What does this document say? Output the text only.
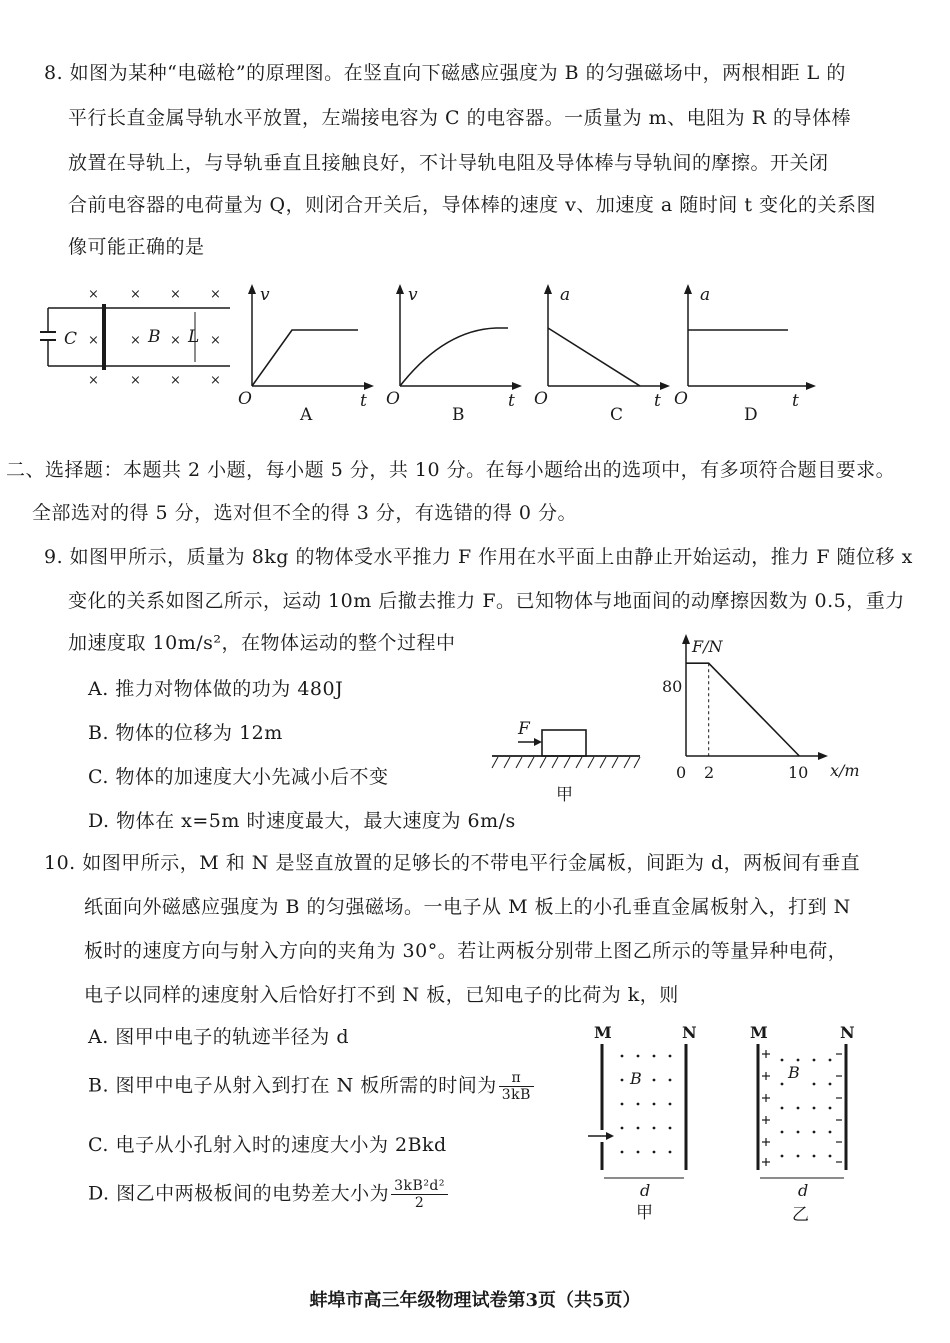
8. 如图为某种“电磁枪”的原理图。在竖直向下磁感应强度为 B 的匀强磁场中，两根相距 L 的
平行长直金属导轨水平放置，左端接电容为 C 的电容器。一质量为 m、电阻为 R 的导体棒
放置在导轨上，与导轨垂直且接触良好，不计导轨电阻及导体棒与导轨间的摩擦。开关闭
合前电容器的电荷量为 Q，则闭合开关后，导体棒的速度 v、加速度 a 随时间 t 变化的关系图
像可能正确的是
× × × ×
× × × ×
× × × ×
C	B L
v
O	t
A
v
O	t
B
a
O	t
C
a
O	t
D
二、选择题：本题共 2 小题，每小题 5 分，共 10 分。在每小题给出的选项中，有多项符合题目要求。
全部选对的得 5 分，选对但不全的得 3 分，有选错的得 0 分。
9. 如图甲所示，质量为 8kg 的物体受水平推力 F 作用在水平面上由静止开始运动，推力 F 随位移 x
变化的关系如图乙所示，运动 10m 后撤去推力 F。已知物体与地面间的动摩擦因数为 0.5，重力
加速度取 10m/s²，在物体运动的整个过程中
A. 推力对物体做的功为 480J
B. 物体的位移为 12m
C. 物体的加速度大小先减小后不变
D. 物体在 x=5m 时速度最大，最大速度为 6m/s
F
甲
F/N
x/m
0
80
2	10
10. 如图甲所示，M 和 N 是竖直放置的足够长的不带电平行金属板，间距为 d，两板间有垂直
纸面向外磁感应强度为 B 的匀强磁场。一电子从 M 板上的小孔垂直金属板射入，打到 N
板时的速度方向与射入方向的夹角为 30°。若让两板分别带上图乙所示的等量异种电荷，
电子以同样的速度射入后恰好打不到 N 板，已知电子的比荷为 k，则
A. 图甲中电子的轨迹半径为 d
B. 图甲中电子从射入到打在 N 板所需的时间为 $\frac{\pi}{3kB}$
C. 电子从小孔射入时的速度大小为 2Bkd
D. 图乙中两极板间的电势差大小为 $\frac{\text{3kB²d²}}{2}$
M	N
B
d
甲
M	N
B
d
乙
蚌埠市高三年级物理试卷第3页（共5页）
